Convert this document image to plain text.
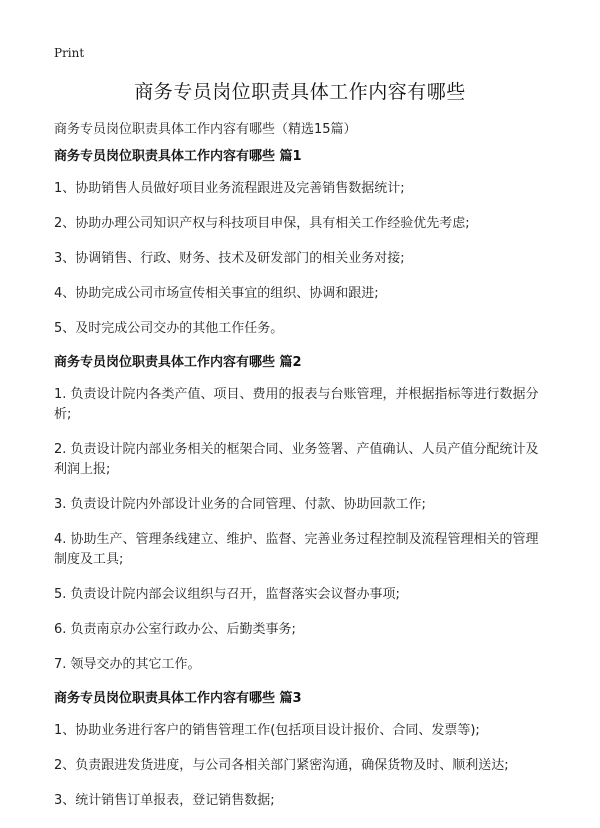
Print
商务专员岗位职责具体工作内容有哪些

商务专员岗位职责具体工作内容有哪些（精选15篇）

商务专员岗位职责具体工作内容有哪些 篇1

1、协助销售人员做好项目业务流程跟进及完善销售数据统计;

2、协助办理公司知识产权与科技项目申保，具有相关工作经验优先考虑;

3、协调销售、行政、财务、技术及研发部门的相关业务对接;

4、协助完成公司市场宣传相关事宜的组织、协调和跟进;

5、及时完成公司交办的其他工作任务。

商务专员岗位职责具体工作内容有哪些 篇2

1. 负责设计院内各类产值、项目、费用的报表与台账管理，并根据指标等进行数据分析;

2. 负责设计院内部业务相关的框架合同、业务签署、产值确认、人员产值分配统计及利润上报;

3. 负责设计院内外部设计业务的合同管理、付款、协助回款工作;

4. 协助生产、管理条线建立、维护、监督、完善业务过程控制及流程管理相关的管理制度及工具;

5. 负责设计院内部会议组织与召开，监督落实会议督办事项;

6. 负责南京办公室行政办公、后勤类事务;

7. 领导交办的其它工作。

商务专员岗位职责具体工作内容有哪些 篇3

1、协助业务进行客户的销售管理工作(包括项目设计报价、合同、发票等);

2、负责跟进发货进度，与公司各相关部门紧密沟通，确保货物及时、顺利送达;

3、统计销售订单报表，登记销售数据;
